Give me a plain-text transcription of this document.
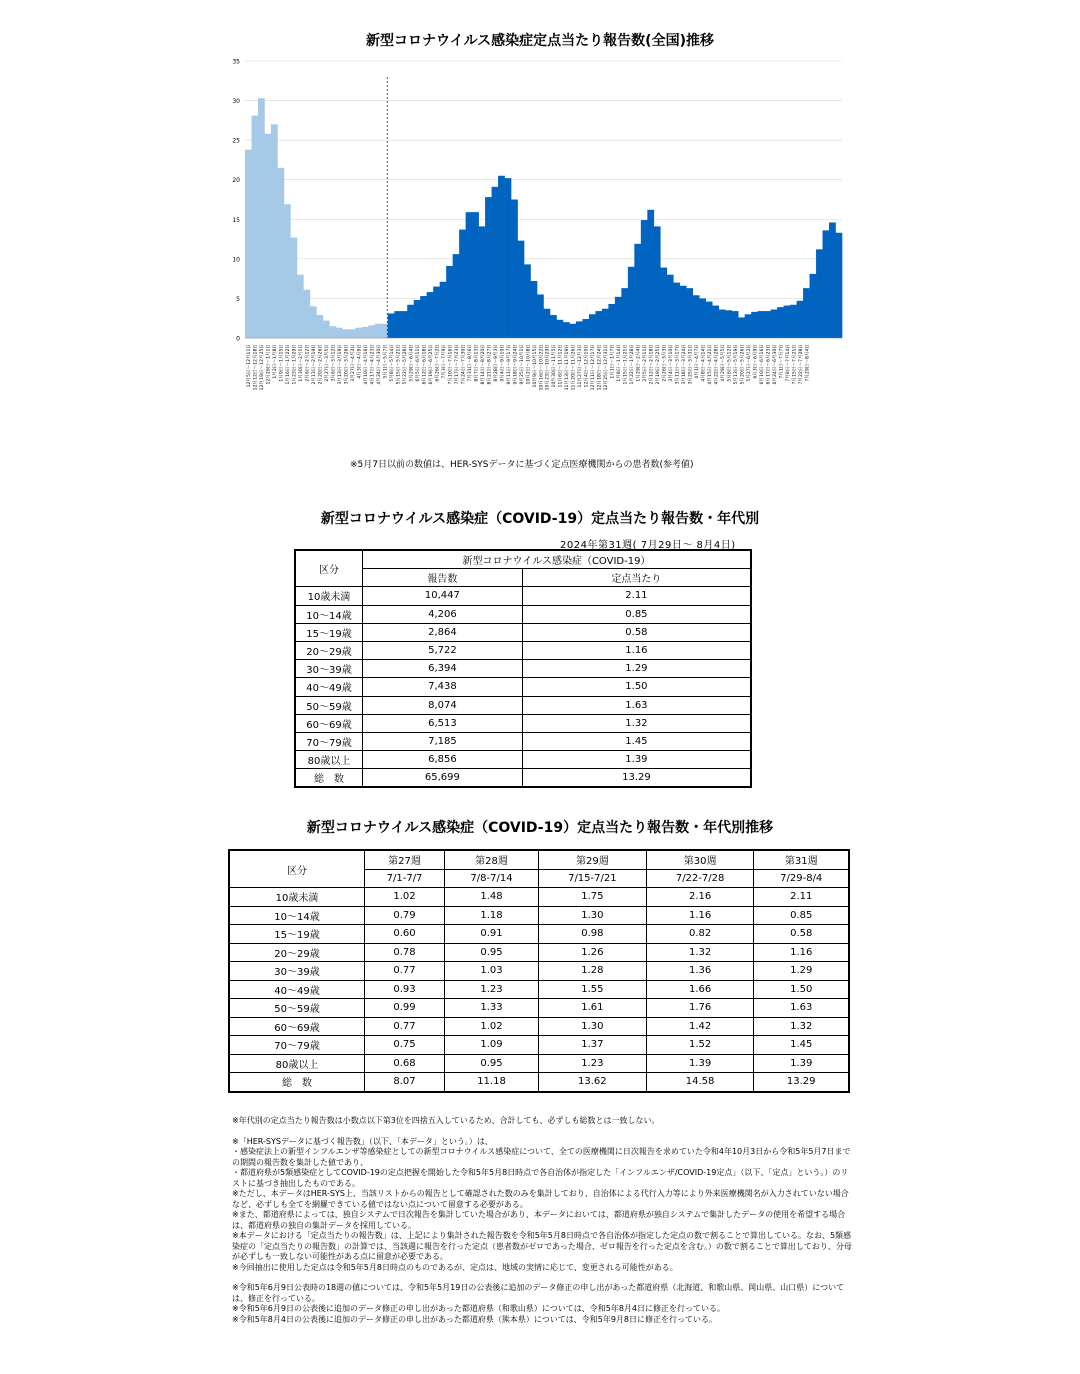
新型コロナウイルス感染症定点当たり報告数(全国)推移
0
5
10
15
20
25
30
35
12月5日～12月11日 12月12日～12月18日 12月19日～12月25日 12月26日～1月1日 1月2日～1月8日 1月9日～1月15日 1月16日～1月22日 1月23日～1月29日 1月30日～2月5日 2月6日～2月12日 2月13日～2月19日 2月20日～2月26日 2月27日～3月5日 3月6日～3月12日 3月13日～3月19日 3月20日～3月26日 3月27日～4月2日 4月3日～4月9日 4月10日～4月16日 4月17日～4月23日 4月24日～4月30日 5月1日～5月7日 5月8日～5月14日 5月15日～5月21日 5月22日～5月28日 5月29日～6月4日 6月5日～6月11日 6月12日～6月18日 6月19日～6月25日 6月26日～7月2日 7月3日～7月9日 7月10日～7月16日 7月17日～7月23日 7月24日～7月30日 7月31日～8月6日 8月7日～8月13日 8月14日～8月20日 8月21日～8月27日 8月28日～9月3日 9月4日～9月10日 9月11日～9月17日 9月18日～9月24日 9月25日～10月1日 10月2日～10月8日 10月9日～10月15日 10月16日～10月22日 10月23日～10月29日 10月30日～11月5日 11月6日～11月12日 11月13日～11月19日 11月20日～11月26日 11月27日～12月3日 12月4日～12月10日 12月11日～12月17日 12月18日～12月24日 12月25日～12月31日 1月1日～1月7日 1月8日～1月14日 1月15日～1月21日 1月22日～1月28日 1月29日～2月4日 2月5日～2月11日 2月12日～2月18日 2月19日～2月25日 2月26日～3月3日 3月4日～3月10日 3月11日～3月17日 3月18日～3月24日 3月25日～3月31日 4月1日～4月7日 4月8日～4月14日 4月15日～4月21日 4月22日～4月28日 4月29日～5月5日 5月6日～5月12日 5月13日～5月19日 5月20日～5月26日 5月27日～6月2日 6月3日～6月9日 6月10日～6月16日 6月17日～6月23日 6月24日～6月30日 7月1日～7月7日 7月8日～7月14日 7月15日～7月21日 7月22日～7月28日 7月29日～8月4日
※5月7日以前の数値は、HER-SYSデータに基づく定点医療機関からの患者数(参考値)
新型コロナウイルス感染症（COVID-19）定点当たり報告数・年代別
2024年第31週( 7月29日～ 8月4日)
区分	新型コロナウイルス感染症（COVID-19）	
	報告数	定点当たり
10歳未満	10,447	2.11
10～14歳	4,206	0.85
15～19歳	2,864	0.58
20～29歳	5,722	1.16
30～39歳	6,394	1.29
40～49歳	7,438	1.50
50～59歳	8,074	1.63
60～69歳	6,513	1.32
70～79歳	7,185	1.45
80歳以上	6,856	1.39
総　数	65,699	13.29
新型コロナウイルス感染症（COVID-19）定点当たり報告数・年代別推移
区分	第27週	第28週	第29週	第30週	第31週
	7/1-7/7	7/8-7/14	7/15-7/21	7/22-7/28	7/29-8/4
10歳未満	1.02	1.48	1.75	2.16	2.11
10～14歳	0.79	1.18	1.30	1.16	0.85
15～19歳	0.60	0.91	0.98	0.82	0.58
20～29歳	0.78	0.95	1.26	1.32	1.16
30～39歳	0.77	1.03	1.28	1.36	1.29
40～49歳	0.93	1.23	1.55	1.66	1.50
50～59歳	0.99	1.33	1.61	1.76	1.63
60～69歳	0.77	1.02	1.30	1.42	1.32
70～79歳	0.75	1.09	1.37	1.52	1.45
80歳以上	0.68	0.95	1.23	1.39	1.39
総　数	8.07	11.18	13.62	14.58	13.29

※年代別の定点当たり報告数は小数点以下第3位を四捨五入しているため、合計しても、必ずしも総数とは一致しない。

※「HER-SYSデータに基づく報告数」（以下、「本データ」という。）は、

・感染症法上の新型インフルエンザ等感染症としての新型コロナウイルス感染症について、全ての医療機関に日次報告を求めていた令和4年10月3日から令和5年5月7日までの期間の報告数を集計した値であり、

・都道府県が5類感染症としてCOVID-19の定点把握を開始した令和5年5月8日時点で各自治体が指定した「インフルエンザ/COVID-19定点」（以下、「定点」という。）のリストに基づき抽出したものである。

※ただし、本データはHER-SYS上、当該リストからの報告として確認された数のみを集計しており、自治体による代行入力等により外来医療機関名が入力されていない場合など、必ずしも全てを網羅できている値ではない点について留意する必要がある。

※また、都道府県によっては、独自システムで日次報告を集計していた場合があり、本データにおいては、都道府県が独自システムで集計したデータの使用を希望する場合は、都道府県の独自の集計データを採用している。

※本データにおける「定点当たりの報告数」は、上記により集計された報告数を令和5年5月8日時点で各自治体が指定した定点の数で割ることで算出している。なお、5類感染症の「定点当たりの報告数」の計算では、当該週に報告を行った定点（患者数がゼロであった場合、ゼロ報告を行った定点を含む。）の数で割ることで算出しており、分母が必ずしも一致しない可能性がある点に留意が必要である。

※今回抽出に使用した定点は令和5年5月8日時点のものであるが、定点は、地域の実情に応じて、変更される可能性がある。

※令和5年6月9日公表時の18週の値については、令和5年5月19日の公表後に追加のデータ修正の申し出があった都道府県（北海道、和歌山県、岡山県、山口県）については、修正を行っている。

※令和5年6月9日の公表後に追加のデータ修正の申し出があった都道府県（和歌山県）については、令和5年8月4日に修正を行っている。

※令和5年8月4日の公表後に追加のデータ修正の申し出があった都道府県（熊本県）については、令和5年9月8日に修正を行っている。
